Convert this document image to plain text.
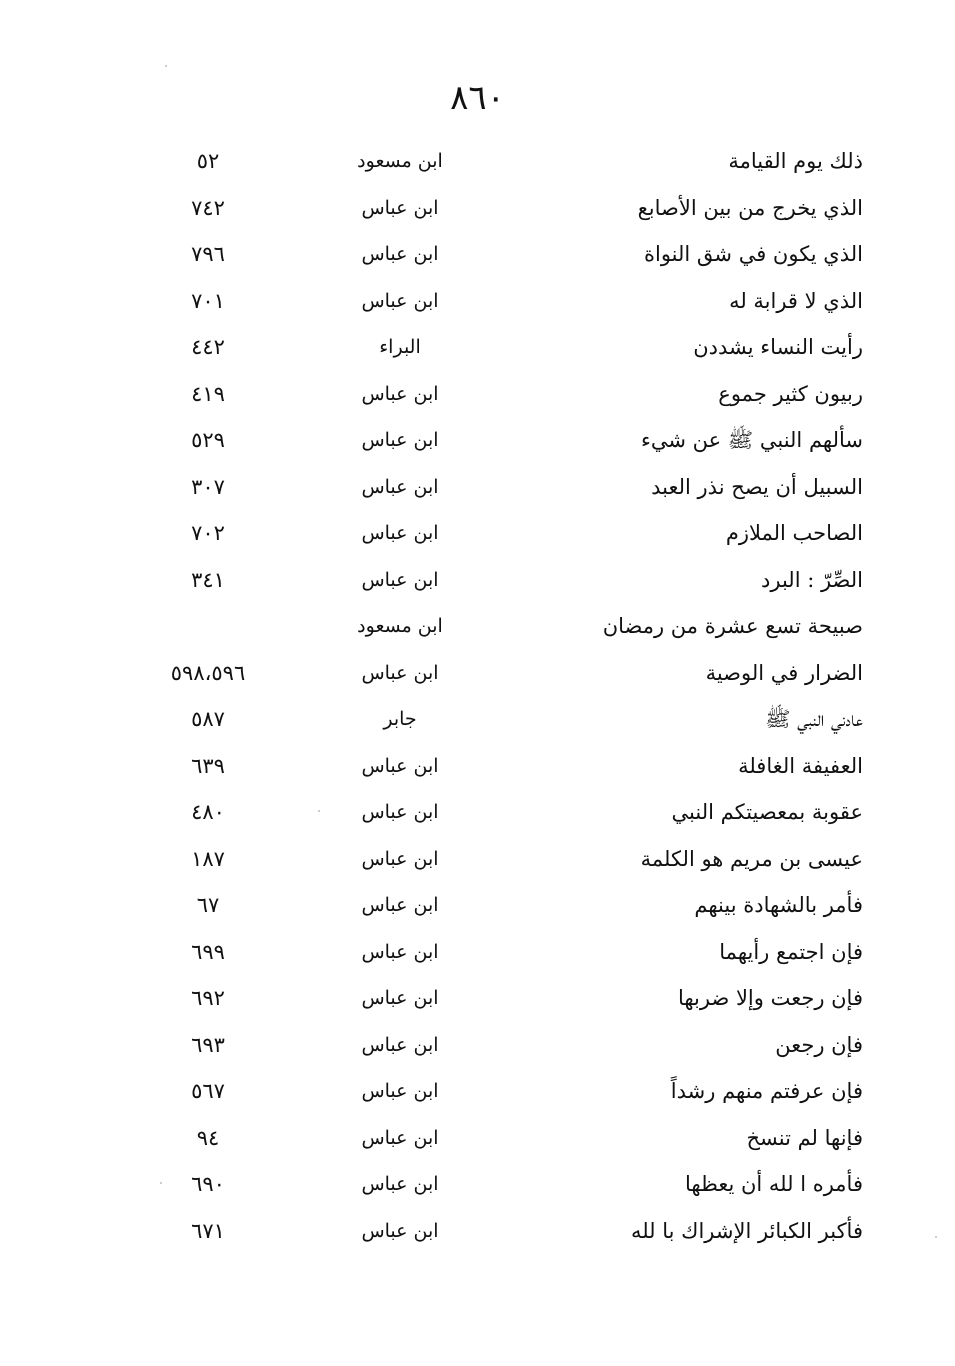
٨٦٠
ذلك يوم القيامة
ابن مسعود
٥٢
الذي يخرج من بين الأصابع
ابن عباس
٧٤٢
الذي يكون في شق النواة
ابن عباس
٧٩٦
الذي لا قرابة له
ابن عباس
٧٠١
رأيت النساء يشددن
البراء
٤٤٢
ربيون كثير جموع
ابن عباس
٤١٩
سألهم النبي ﷺ عن شيء
ابن عباس
٥٢٩
السبيل أن يصح نذر العبد
ابن عباس
٣٠٧
الصاحب الملازم
ابن عباس
٧٠٢
الصِّرّ : البرد
ابن عباس
٣٤١
صبيحة تسع عشرة من رمضان
ابن مسعود
الضرار في الوصية
ابن عباس
٥٩٨،٥٩٦
عادني النبي ﷺ
جابر
٥٨٧
العفيفة الغافلة
ابن عباس
٦٣٩
عقوبة بمعصيتكم النبي
ابن عباس
٤٨٠
عيسى بن مريم هو الكلمة
ابن عباس
١٨٧
فأمر بالشهادة بينهم
ابن عباس
٦٧
فإن اجتمع رأيهما
ابن عباس
٦٩٩
فإن رجعت وإلا ضربها
ابن عباس
٦٩٢
فإن رجعن
ابن عباس
٦٩٣
فإن عرفتم منهم رشداً
ابن عباس
٥٦٧
فإنها لم تنسخ
ابن عباس
٩٤
فأمره ا لله أن يعظها
ابن عباس
٦٩٠
فأكبر الكبائر الإشراك با لله
ابن عباس
٦٧١
